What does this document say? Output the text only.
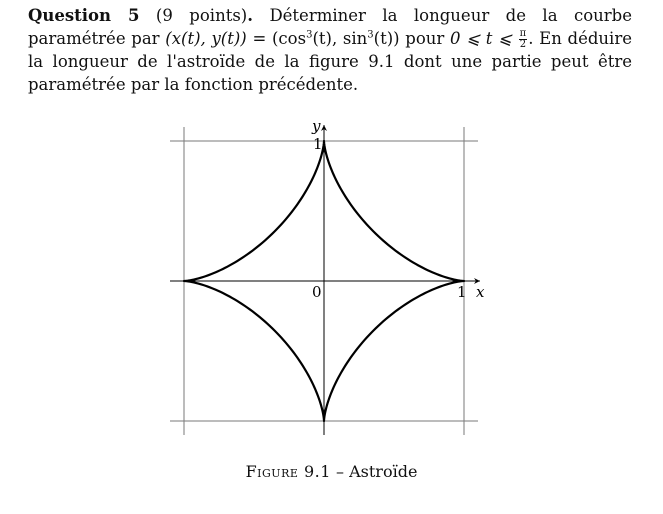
Question 5 (9 points). Déterminer la longueur de la courbe paramétrée par (x(t), $y(t)) = (\cos^3(t)$, $\sin^3(t)$) pour 0 ⩽ t ⩽ $\frac{\pi}{2}$ . En déduire la longueur de l'astroïde de la figure 9.1 dont une partie peut être paramétrée par la fonction précédente.
y
x
0
1
1
Figure 9.1 – Astroïde
